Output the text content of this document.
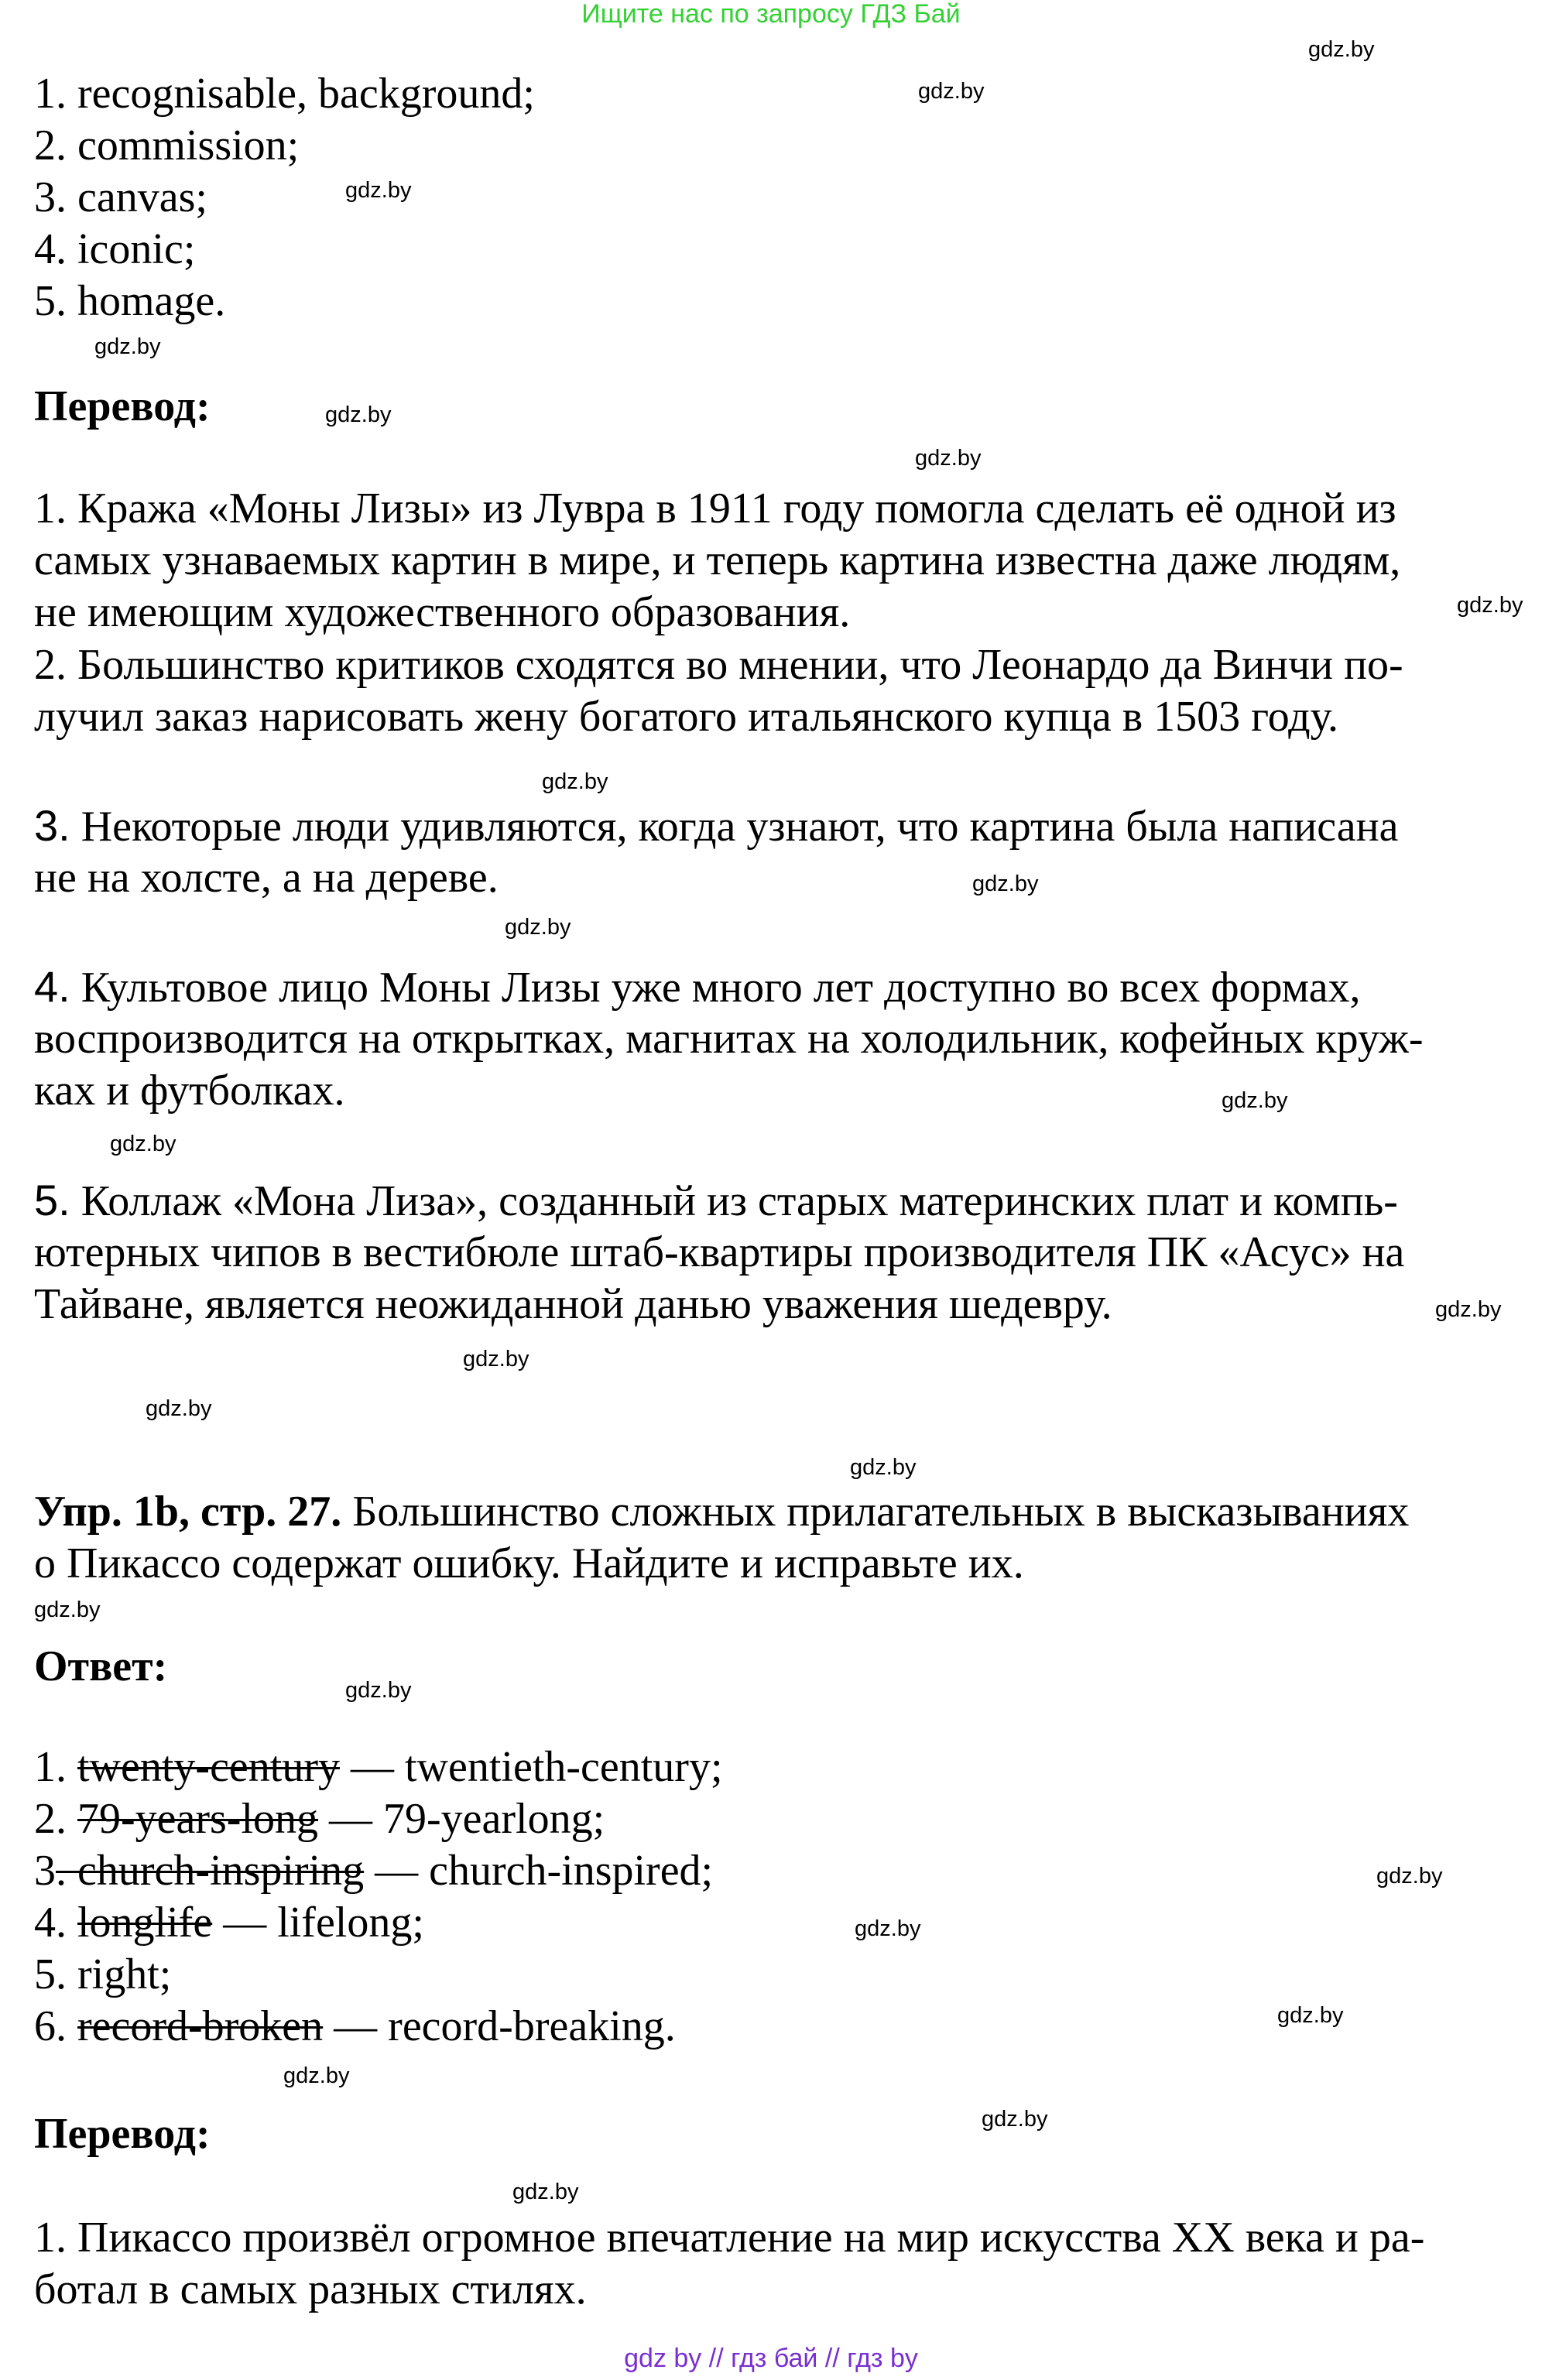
Ищите нас по запросу ГДЗ Бай
gdz.by
gdz.by
gdz.by
gdz.by
gdz.by
gdz.by
gdz.by
gdz.by
gdz.by
gdz.by
gdz.by
gdz.by
gdz.by
gdz.by
gdz.by
gdz.by
gdz.by
gdz.by
gdz.by
gdz.by
gdz.by
gdz.by
gdz.by
gdz.by
1. recognisable, background;
2. commission;
3. canvas;
4. iconic;
5. homage.
Перевод:
1. Кража «Моны Лизы» из Лувра в 1911 году помогла сделать её одной из
самых узнаваемых картин в мире, и теперь картина известна даже людям,
не имеющим художественного образования.
2. Большинство критиков сходятся во мнении, что Леонардо да Винчи по-
лучил заказ нарисовать жену богатого итальянского купца в 1503 году.
3. Некоторые люди удивляются, когда узнают, что картина была написана
не на холсте, а на дереве.
4. Культовое лицо Моны Лизы уже много лет доступно во всех формах,
воспроизводится на открытках, магнитах на холодильник, кофейных круж-
ках и футболках.
5. Коллаж «Мона Лиза», созданный из старых материнских плат и компь-
ютерных чипов в вестибюле штаб-квартиры производителя ПК «Асус» на
Тайване, является неожиданной данью уважения шедевру.
Упр. 1b, стр. 27. Большинство сложных прилагательных в высказываниях
о Пикассо содержат ошибку. Найдите и исправьте их.
Ответ:
1. twenty-century — twentieth-century;
2. 79-years-long — 79-yearlong;
3. church-inspiring — church-inspired;
4. longlife — lifelong;
5. right;
6. record-broken — record-breaking.
Перевод:
1. Пикассо произвёл огромное впечатление на мир искусства XX века и ра-
ботал в самых разных стилях.
gdz by // гдз бай // гдз by
